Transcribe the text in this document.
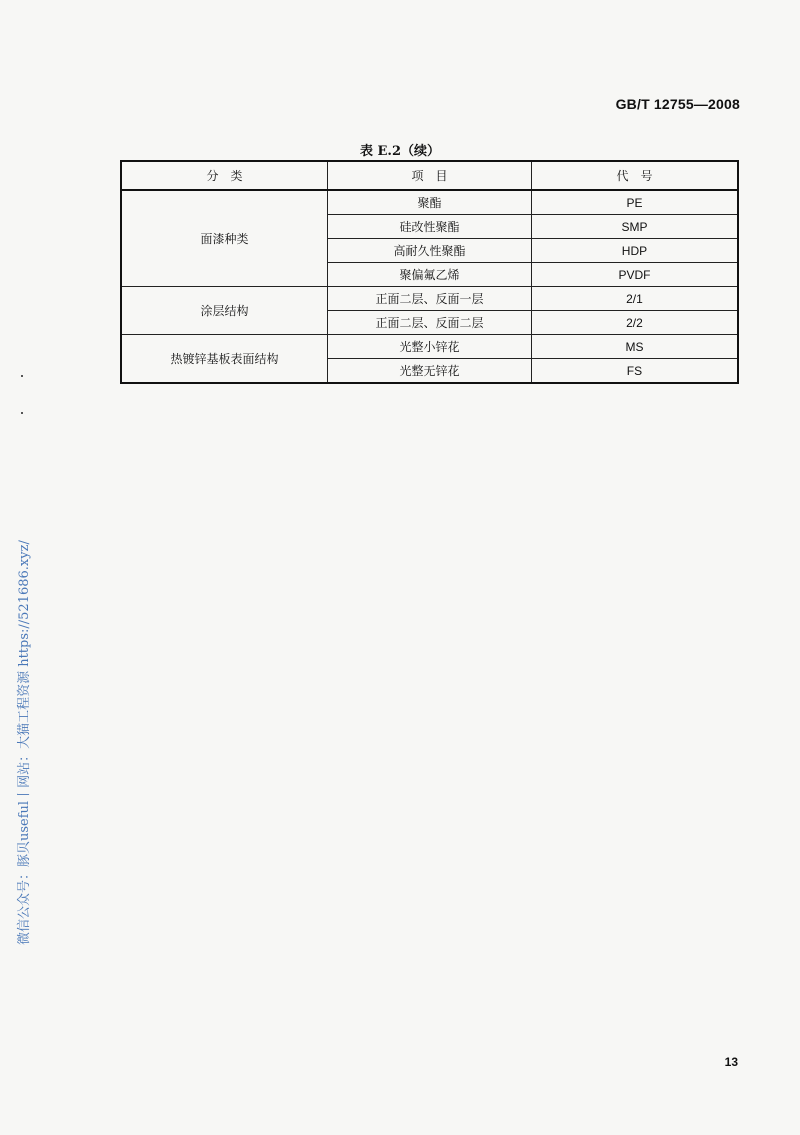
GB/T 12755—2008
表 E.2（续）
分　类	项　目	代　号
面漆种类	聚酯	PE
	硅改性聚酯	SMP
	高耐久性聚酯	HDP
	聚偏氟乙烯	PVDF
涂层结构	正面二层、反面一层	2/1
	正面二层、反面二层	2/2
热镀锌基板表面结构	光整小锌花	MS
	光整无锌花	FS
微信公众号：豚贝useful丨网站：大猫工程资源 https://521686.xyz/
13
